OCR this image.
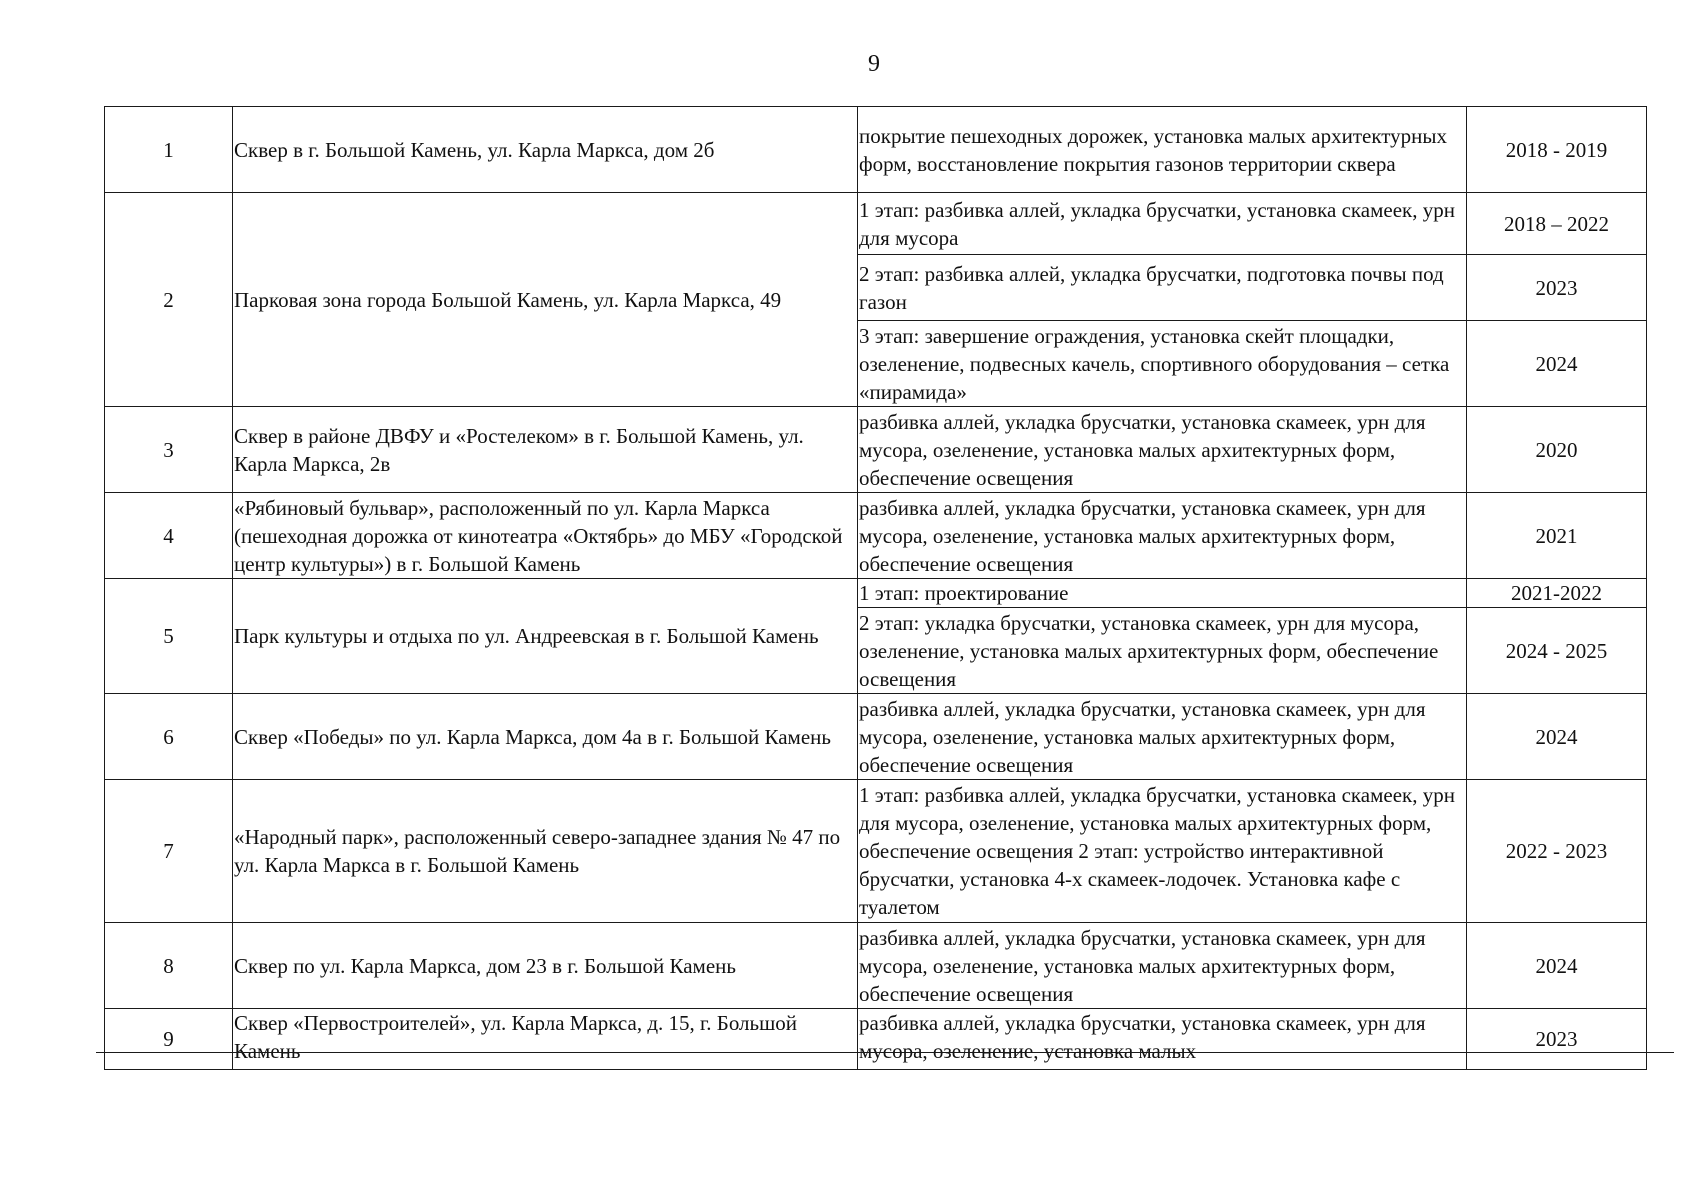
9
1	Сквер в г. Большой Камень, ул. Карла Маркса, дом 2б	покрытие пешеходных дорожек, установка малых архитектурных форм, восстановление покрытия газонов территории сквера	2018 - 2019
2	Парковая зона города Большой Камень, ул. Карла Маркса, 49	1 этап: разбивка аллей, укладка брусчатки, установка скамеек, урн для мусора	2018 – 2022
		2 этап: разбивка аллей, укладка брусчатки, подготовка почвы под газон	2023
		3 этап: завершение ограждения, установка скейт площадки, озеленение, подвесных качель, спортивного оборудования – сетка «пирамида»	2024
3	Сквер в районе ДВФУ и «Ростелеком» в г. Большой Камень, ул. Карла Маркса, 2в	разбивка аллей, укладка брусчатки, установка скамеек, урн для мусора, озеленение, установка малых архитектурных форм, обеспечение освещения	2020
4	«Рябиновый бульвар», расположенный по ул. Карла Маркса (пешеходная дорожка от кинотеатра «Октябрь» до МБУ «Городской центр культуры») в г. Большой Камень	разбивка аллей, укладка брусчатки, установка скамеек, урн для мусора, озеленение, установка малых архитектурных форм, обеспечение освещения	2021
5	Парк культуры и отдыха по ул. Андреевская в г. Большой Камень	1 этап: проектирование	2021-2022
		2 этап: укладка брусчатки, установка скамеек, урн для мусора, озеленение, установка малых архитектурных форм, обеспечение освещения	2024 - 2025
6	Сквер «Победы» по ул. Карла Маркса, дом 4а в г. Большой Камень	разбивка аллей, укладка брусчатки, установка скамеек, урн для мусора, озеленение, установка малых архитектурных форм, обеспечение освещения	2024
7	«Народный парк», расположенный северо-западнее здания № 47 по ул. Карла Маркса в г. Большой Камень	1 этап: разбивка аллей, укладка брусчатки, установка скамеек, урн для мусора, озеленение, установка малых архитектурных форм, обеспечение освещения 2 этап: устройство интерактивной брусчатки, установка 4-х скамеек-лодочек. Установка кафе с туалетом	2022 - 2023
8	Сквер по ул. Карла Маркса, дом 23 в г. Большой Камень	разбивка аллей, укладка брусчатки, установка скамеек, урн для мусора, озеленение, установка малых архитектурных форм, обеспечение освещения	2024
9	Сквер «Первостроителей», ул. Карла Маркса, д. 15, г. Большой Камень	разбивка аллей, укладка брусчатки, установка скамеек, урн для мусора, озеленение, установка малых	2023
